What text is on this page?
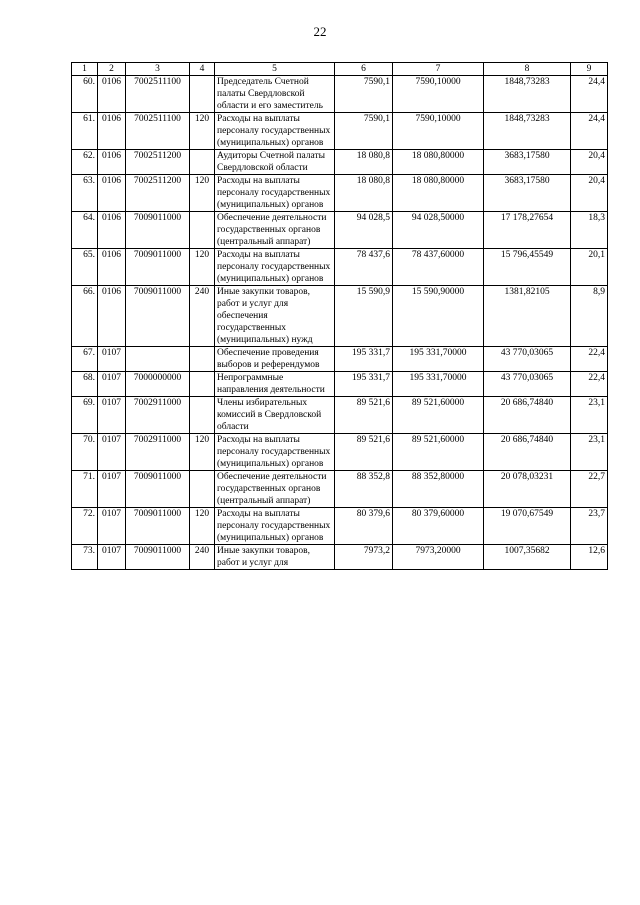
22
1	2	3	4	5	6	7	8	9
60.	0106	7002511100		Председатель Счетной палаты Свердловской области и его заместитель	7590,1	7590,10000	1848,73283	24,4
61.	0106	7002511100	120	Расходы на выплаты персоналу государственных (муниципальных) органов	7590,1	7590,10000	1848,73283	24,4
62.	0106	7002511200		Аудиторы Счетной палаты Свердловской области	18 080,8	18 080,80000	3683,17580	20,4
63.	0106	7002511200	120	Расходы на выплаты персоналу государственных (муниципальных) органов	18 080,8	18 080,80000	3683,17580	20,4
64.	0106	7009011000		Обеспечение деятельности государственных органов (центральный аппарат)	94 028,5	94 028,50000	17 178,27654	18,3
65.	0106	7009011000	120	Расходы на выплаты персоналу государственных (муниципальных) органов	78 437,6	78 437,60000	15 796,45549	20,1
66.	0106	7009011000	240	Иные закупки товаров, работ и услуг для обеспечения государственных (муниципальных) нужд	15 590,9	15 590,90000	1381,82105	8,9
67.	0107			Обеспечение проведения выборов и референдумов	195 331,7	195 331,70000	43 770,03065	22,4
68.	0107	7000000000		Непрограммные направления деятельности	195 331,7	195 331,70000	43 770,03065	22,4
69.	0107	7002911000		Члены избирательных комиссий в Свердловской области	89 521,6	89 521,60000	20 686,74840	23,1
70.	0107	7002911000	120	Расходы на выплаты персоналу государственных (муниципальных) органов	89 521,6	89 521,60000	20 686,74840	23,1
71.	0107	7009011000		Обеспечение деятельности государственных органов (центральный аппарат)	88 352,8	88 352,80000	20 078,03231	22,7
72.	0107	7009011000	120	Расходы на выплаты персоналу государственных (муниципальных) органов	80 379,6	80 379,60000	19 070,67549	23,7
73.	0107	7009011000	240	Иные закупки товаров, работ и услуг для	7973,2	7973,20000	1007,35682	12,6
